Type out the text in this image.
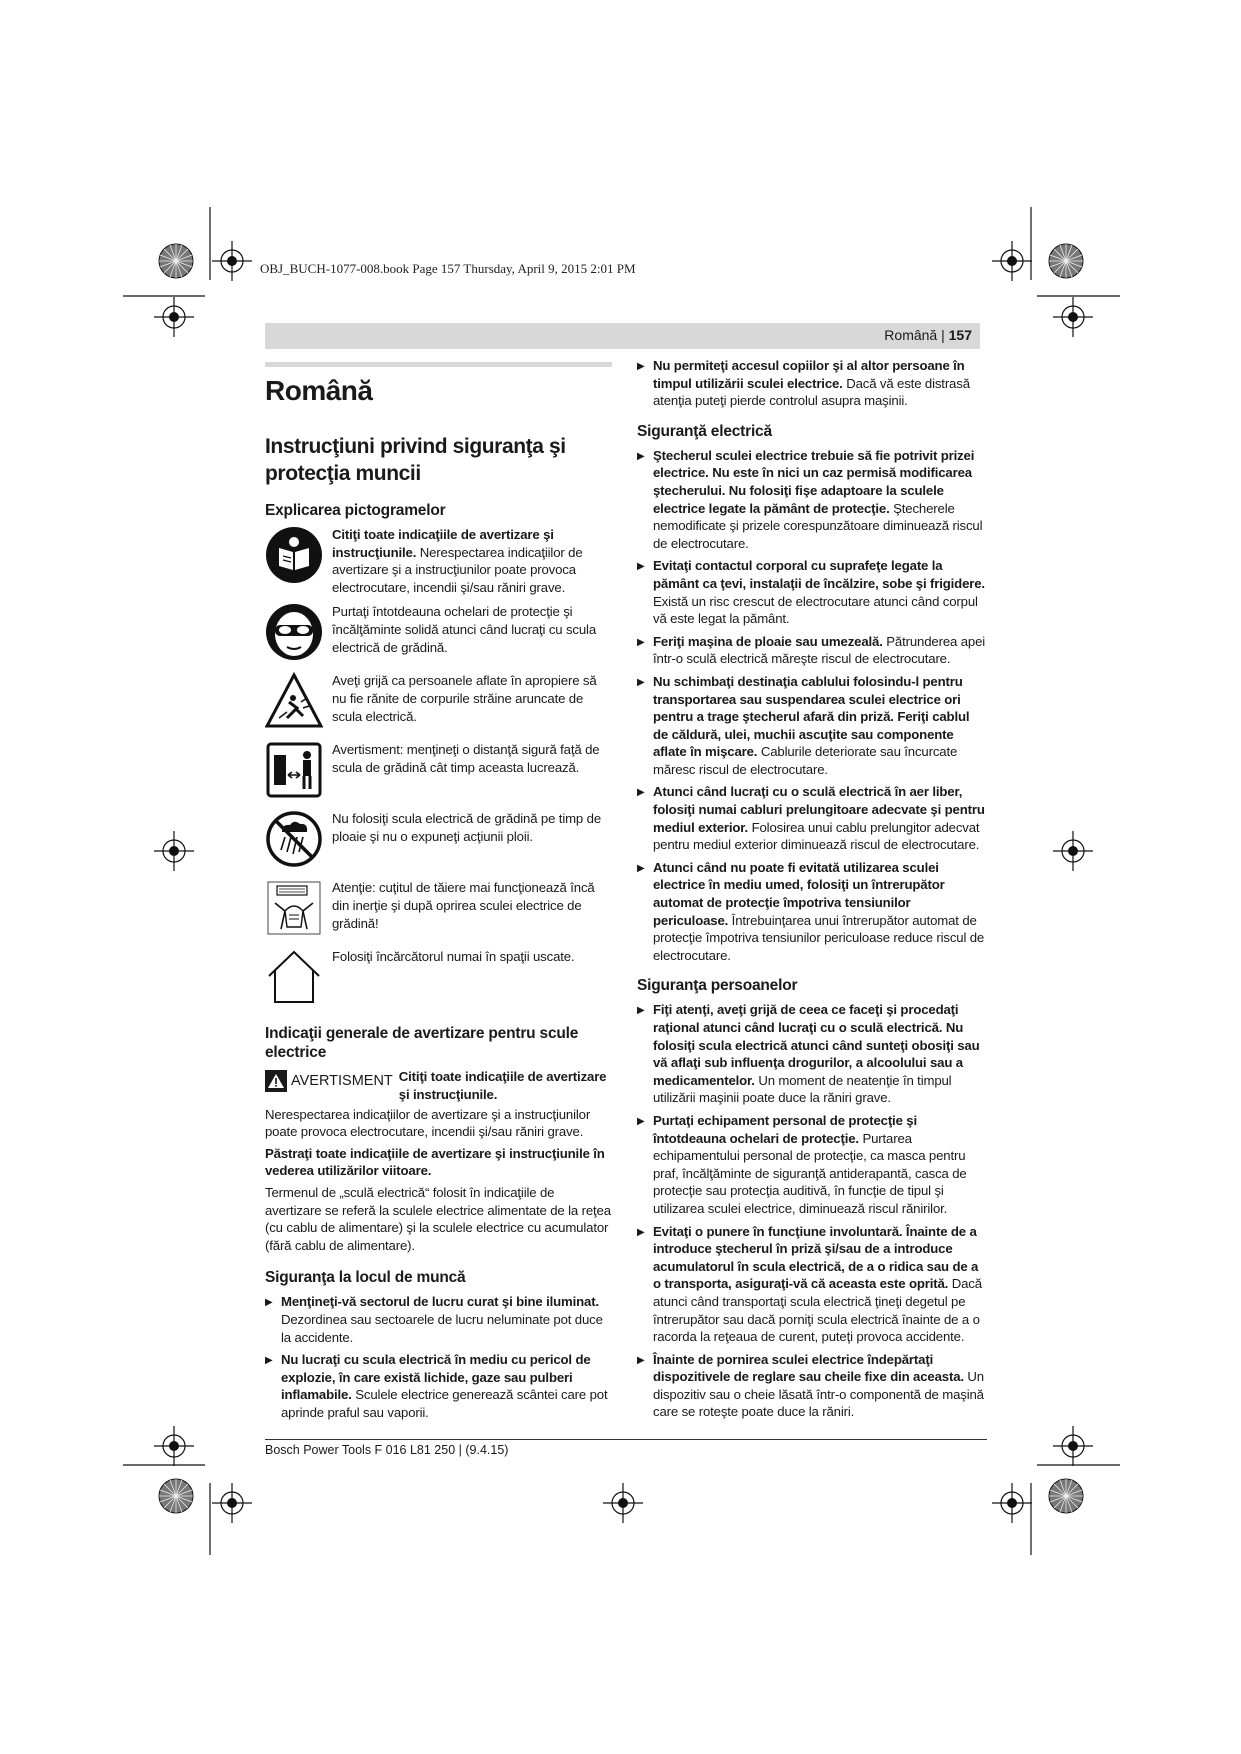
OBJ_BUCH-1077-008.book Page 157 Thursday, April 9, 2015 2:01 PM
Română | 157
Română
Instrucţiuni privind siguranţa şi protecţia muncii
Explicarea pictogramelor
Citiţi toate indicaţiile de avertizare şi instrucţiunile. Nerespectarea indicaţiilor de avertizare şi a instrucţiunilor poate provoca electrocutare, incendii şi/sau răniri grave.
Purtaţi întotdeauna ochelari de protecţie şi încălţăminte solidă atunci când lucraţi cu scula electrică de grădină.
Aveţi grijă ca persoanele aflate în apropiere să nu fie rănite de corpurile străine aruncate de scula electrică.
Avertisment: menţineţi o distanţă sigură faţă de scula de grădină cât timp aceasta lucrează.
Nu folosiţi scula electrică de grădină pe timp de ploaie şi nu o expuneţi acţiunii ploii.
Atenţie: cuţitul de tăiere mai funcţionează încă din inerţie şi după oprirea sculei electrice de grădină!
Folosiţi încărcătorul numai în spaţii uscate.
Indicaţii generale de avertizare pentru scule electrice
AVERTISMENT Citiţi toate indicaţiile de avertizare şi instrucţiunile.

Nerespectarea indicaţiilor de avertizare şi a instrucţiunilor poate provoca electrocutare, incendii şi/sau răniri grave.

Păstraţi toate indicaţiile de avertizare şi instrucţiunile în vederea utilizărilor viitoare.

Termenul de „sculă electrică“ folosit în indicaţiile de avertizare se referă la sculele electrice alimentate de la reţea (cu cablu de alimentare) şi la sculele electrice cu acumulator (fără cablu de alimentare).

Siguranţa la locul de muncă
▶ Menţineţi-vă sectorul de lucru curat şi bine iluminat. Dezordinea sau sectoarele de lucru neluminate pot duce la accidente.
▶ Nu lucraţi cu scula electrică în mediu cu pericol de explozie, în care există lichide, gaze sau pulberi inflamabile. Sculele electrice generează scântei care pot aprinde praful sau vaporii.
▶ Nu permiteţi accesul copiilor şi al altor persoane în timpul utilizării sculei electrice. Dacă vă este distrasă atenţia puteţi pierde controlul asupra maşinii.
Siguranţă electrică
▶ Ştecherul sculei electrice trebuie să fie potrivit prizei electrice. Nu este în nici un caz permisă modificarea ştecherului. Nu folosiţi fişe adaptoare la sculele electrice legate la pământ de protecţie. Ştecherele nemodificate şi prizele corespunzătoare diminuează riscul de electrocutare.
▶ Evitaţi contactul corporal cu suprafeţe legate la pământ ca ţevi, instalaţii de încălzire, sobe şi frigidere. Există un risc crescut de electrocutare atunci când corpul vă este legat la pământ.
▶ Feriţi maşina de ploaie sau umezeală. Pătrunderea apei într-o sculă electrică măreşte riscul de electrocutare.
▶ Nu schimbaţi destinaţia cablului folosindu-l pentru transportarea sau suspendarea sculei electrice ori pentru a trage ştecherul afară din priză. Feriţi cablul de căldură, ulei, muchii ascuţite sau componente aflate în mişcare. Cablurile deteriorate sau încurcate măresc riscul de electrocutare.
▶ Atunci când lucraţi cu o sculă electrică în aer liber, folosiţi numai cabluri prelungitoare adecvate şi pentru mediul exterior. Folosirea unui cablu prelungitor adecvat pentru mediul exterior diminuează riscul de electrocutare.
▶ Atunci când nu poate fi evitată utilizarea sculei electrice în mediu umed, folosiţi un întrerupător automat de protecţie împotriva tensiunilor periculoase. Întrebuinţarea unui întrerupător automat de protecţie împotriva tensiunilor periculoase reduce riscul de electrocutare.
Siguranţa persoanelor
▶ Fiţi atenţi, aveţi grijă de ceea ce faceţi şi procedaţi raţional atunci când lucraţi cu o sculă electrică. Nu folosiţi scula electrică atunci când sunteţi obosiţi sau vă aflaţi sub influenţa drogurilor, a alcoolului sau a medicamentelor. Un moment de neatenţie în timpul utilizării maşinii poate duce la răniri grave.
▶ Purtaţi echipament personal de protecţie şi întotdeauna ochelari de protecţie. Purtarea echipamentului personal de protecţie, ca masca pentru praf, încălţăminte de siguranţă antiderapantă, casca de protecţie sau protecţia auditivă, în funcţie de tipul şi utilizarea sculei electrice, diminuează riscul rănirilor.
▶ Evitaţi o punere în funcţiune involuntară. Înainte de a introduce ştecherul în priză şi/sau de a introduce acumulatorul în scula electrică, de a o ridica sau de a o transporta, asiguraţi-vă că aceasta este oprită. Dacă atunci când transportaţi scula electrică ţineţi degetul pe întrerupător sau dacă porniţi scula electrică înainte de a o racorda la reţeaua de curent, puteţi provoca accidente.
▶ Înainte de pornirea sculei electrice îndepărtaţi dispozitivele de reglare sau cheile fixe din aceasta. Un dispozitiv sau o cheie lăsată într-o componentă de maşină care se roteşte poate duce la răniri.
Bosch Power Tools F 016 L81 250 | (9.4.15)
